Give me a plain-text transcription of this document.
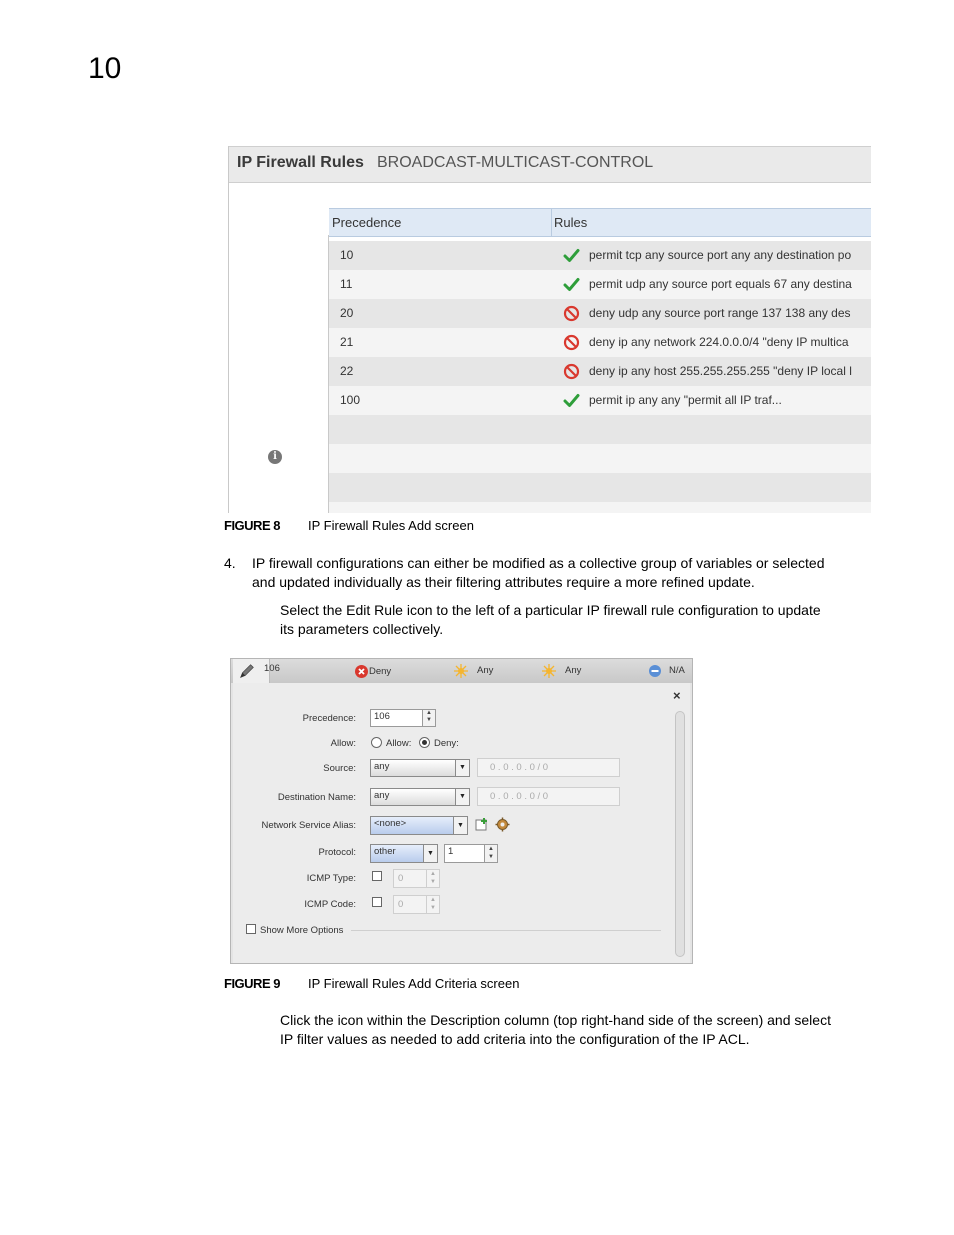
10
IP Firewall Rules BROADCAST-MULTICAST-CONTROL
Precedence	Rules
10	permit tcp any source port any any destination po
11	permit udp any source port equals 67 any destina
20	deny udp any source port range 137 138 any des
21	deny ip any network 224.0.0.0/4 "deny IP multica
22	deny ip any host 255.255.255.255 "deny IP local l
100	permit ip any any "permit all IP traf...
i
FIGURE 8 IP Firewall Rules Add screen
4. IP firewall configurations can either be modified as a collective group of variables or selected
and updated individually as their filtering attributes require a more refined update.
Select the Edit Rule icon to the left of a particular IP firewall rule configuration to update
its parameters collectively.
106	Deny	Any	Any	N/A
×
Precedence:	106	▲
▼
Allow:	Allow: Deny:
Source:	any	▼	0 . 0 . 0 . 0 / 0
Destination Name:	any	▼	0 . 0 . 0 . 0 / 0
Network Service Alias:	<none>	▼
Protocol:	other	▼	1	▲
▼
ICMP Type:	0	▲
▼
ICMP Code:	0	▲
▼
Show More Options
FIGURE 9 IP Firewall Rules Add Criteria screen
Click the icon within the Description column (top right-hand side of the screen) and select
IP filter values as needed to add criteria into the configuration of the IP ACL.
